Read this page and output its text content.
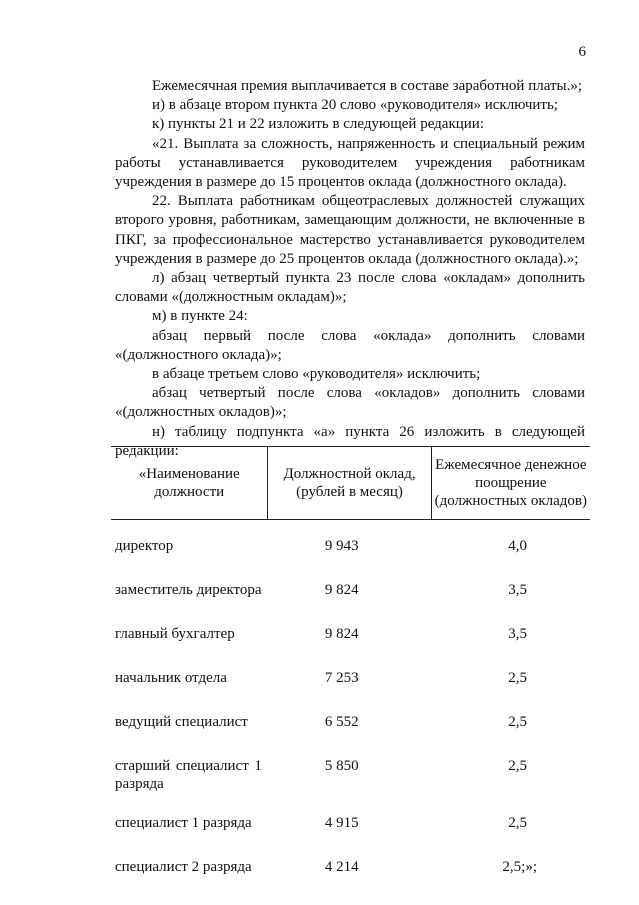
6

Ежемесячная премия выплачивается в составе заработной платы.»;

и) в абзаце втором пункта 20 слово «руководителя» исключить;

к) пункты 21 и 22 изложить в следующей редакции:

«21. Выплата за сложность, напряженность и специальный режим работы устанавливается руководителем учреждения работникам учреждения в размере до 15 процентов оклада (должностного оклада).

22. Выплата работникам общеотраслевых должностей служащих второго уровня, работникам, замещающим должности, не включенные в ПКГ, за профессиональное мастерство устанавливается руководителем учреждения в размере до 25 процентов оклада (должностного оклада).»;

л) абзац четвертый пункта 23 после слова «окладам» дополнить словами «(должностным окладам)»;

м) в пункте 24:

абзац первый после слова «оклада» дополнить словами «(должностного оклада)»;

в абзаце третьем слово «руководителя» исключить;

абзац четвертый после слова «окладов» дополнить словами «(должностных окладов)»;

н) таблицу подпункта «а» пункта 26 изложить в следующей редакции:

«Наименование должности	Должностной оклад, (рублей в месяц)	Ежемесячное денежное поощрение (должностных окладов)
директор	9 943	4,0
заместитель директора	9 824	3,5
главный бухгалтер	9 824	3,5
начальник отдела	7 253	2,5
ведущий специалист	6 552	2,5
старший специалист 1 разряда	5 850	2,5
специалист 1 разряда	4 915	2,5
специалист 2 разряда	4 214	2,5;»;
